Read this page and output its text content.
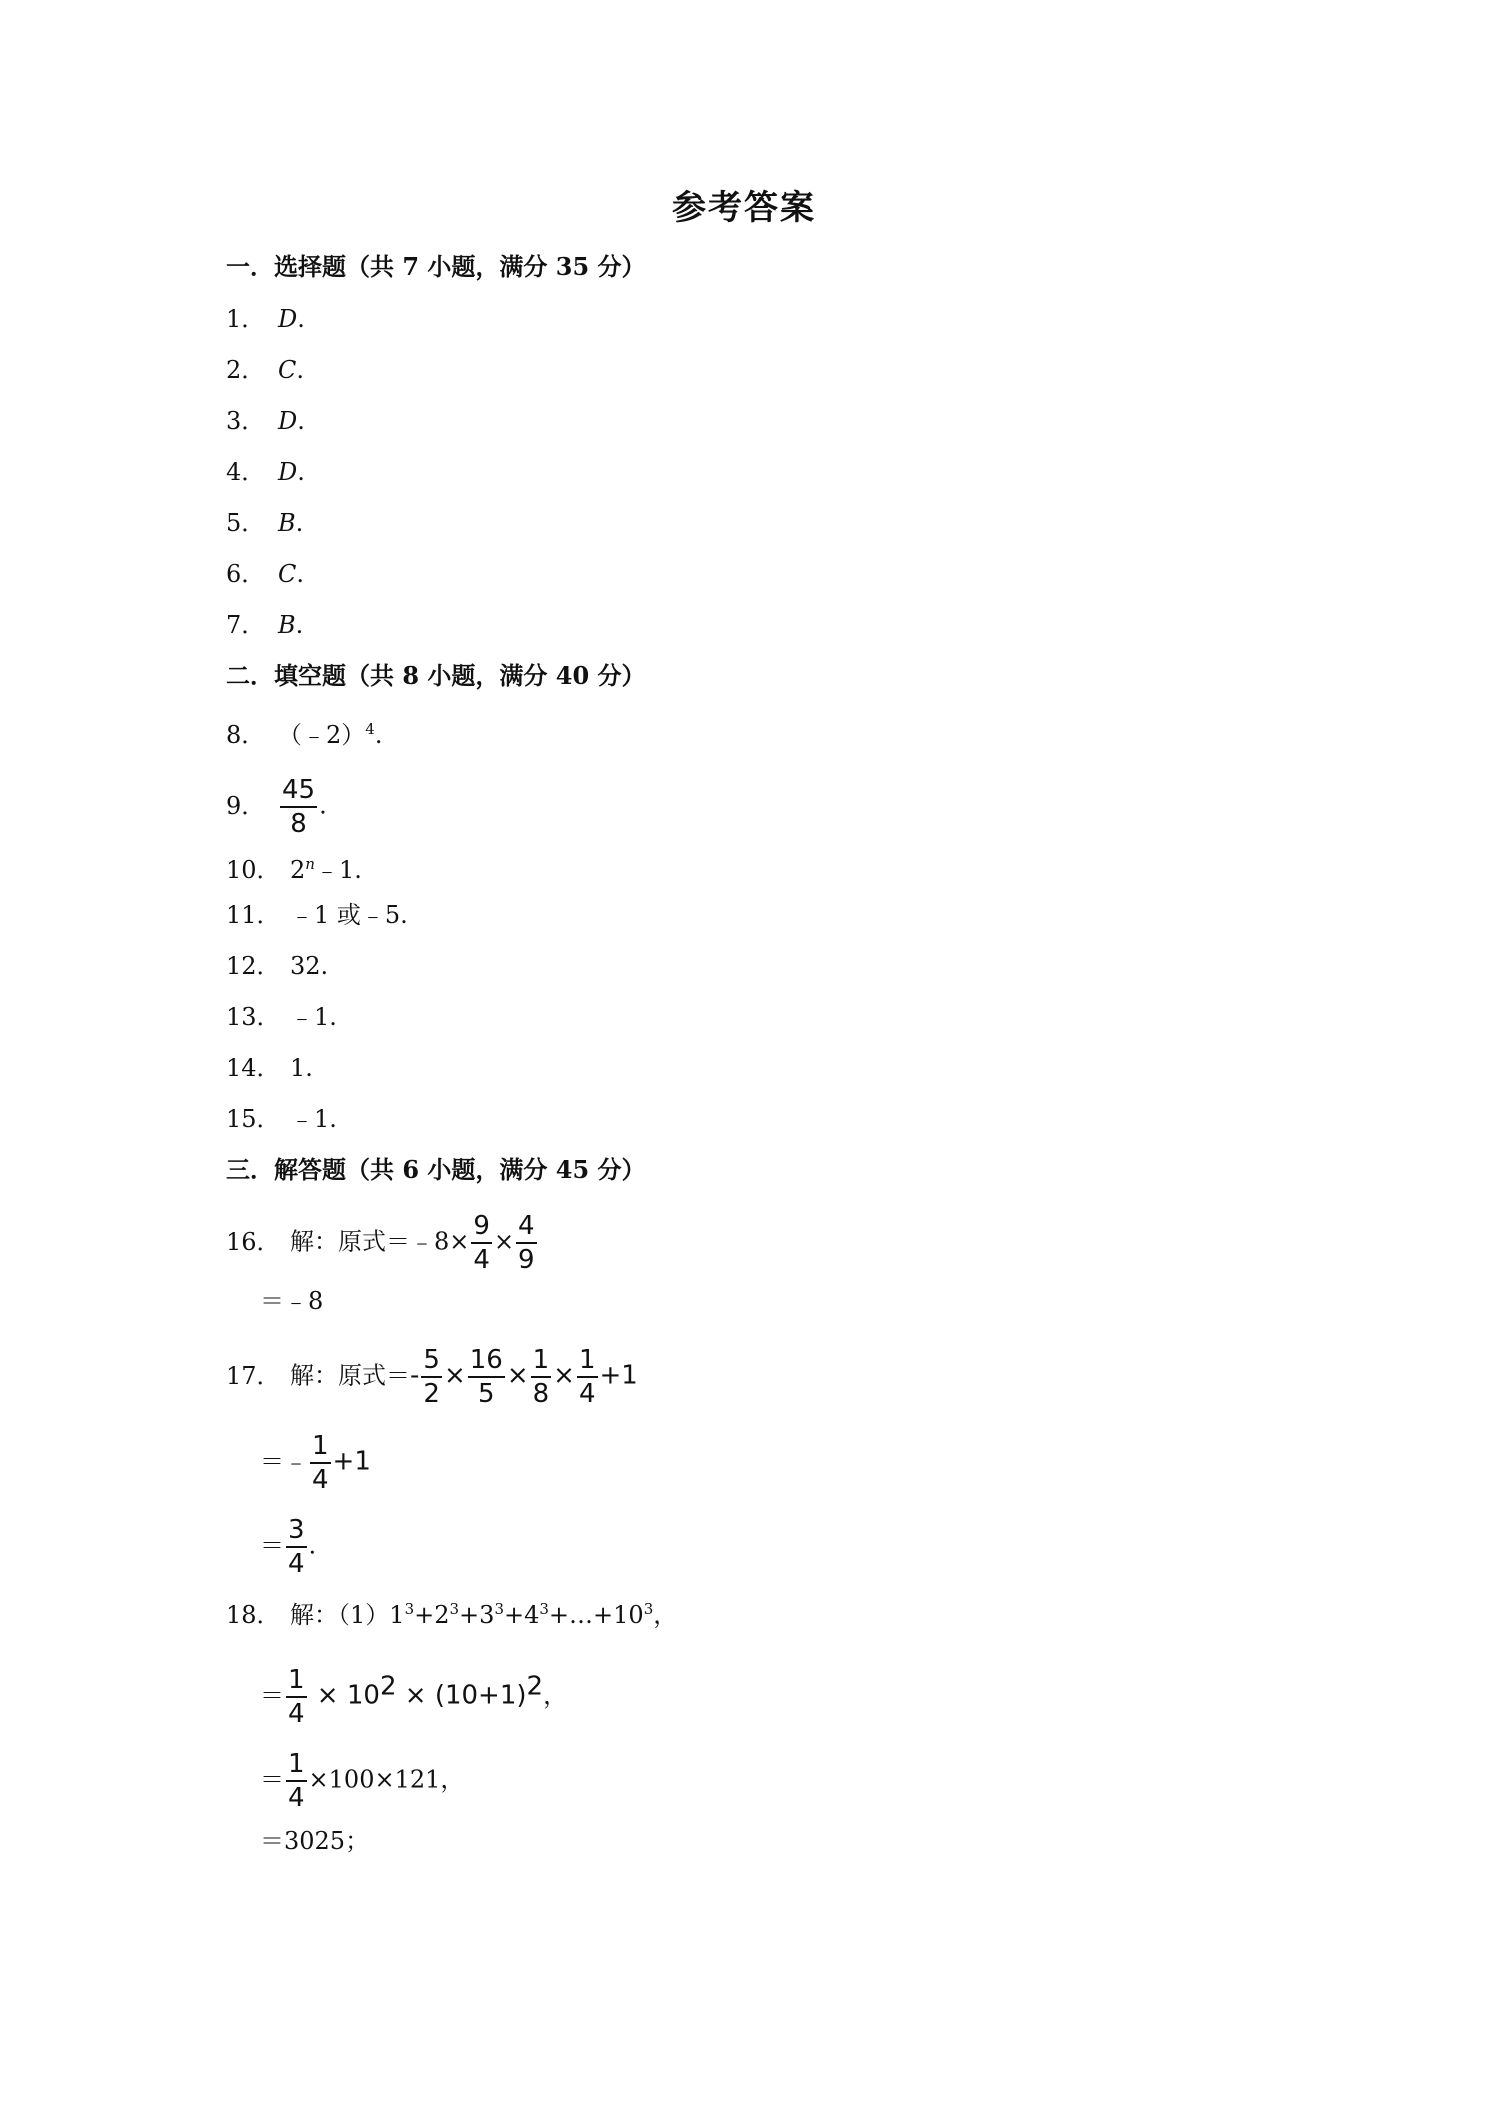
参考答案
一．选择题（共 7 小题，满分 35 分）
1． D.
2． C.
3． D.
4． D.
5． B.
6． C.
7． B.
二．填空题（共 8 小题，满分 40 分）
8． （﹣2）$^4$.
9． $\frac{45}{8}$ .
10． 2$^n$﹣1.
11． ﹣1 或﹣5.
12． 32.
13． ﹣1.
14． 1.
15． ﹣1.
三．解答题（共 6 小题，满分 45 分）
16． 解：原式＝﹣8× $\frac{9}{4} \times \frac{4}{9}$
＝﹣8
17． 解：原式＝- $\frac{5}{2} \times \frac{16}{5} \times \frac{1}{8} \times \frac{1}{4} +1$
＝﹣ $\frac{1}{4} +1$
＝ $\frac{3}{4}$ .
18． 解：$(1)1^3+2^3+3^3+4^3+\dots+10^3$，
＝ $\frac{1}{4} \times 10^2 \times (10+1)^2$，
＝ $\frac{1}{4} \times 100\times 121$，
＝3025；
